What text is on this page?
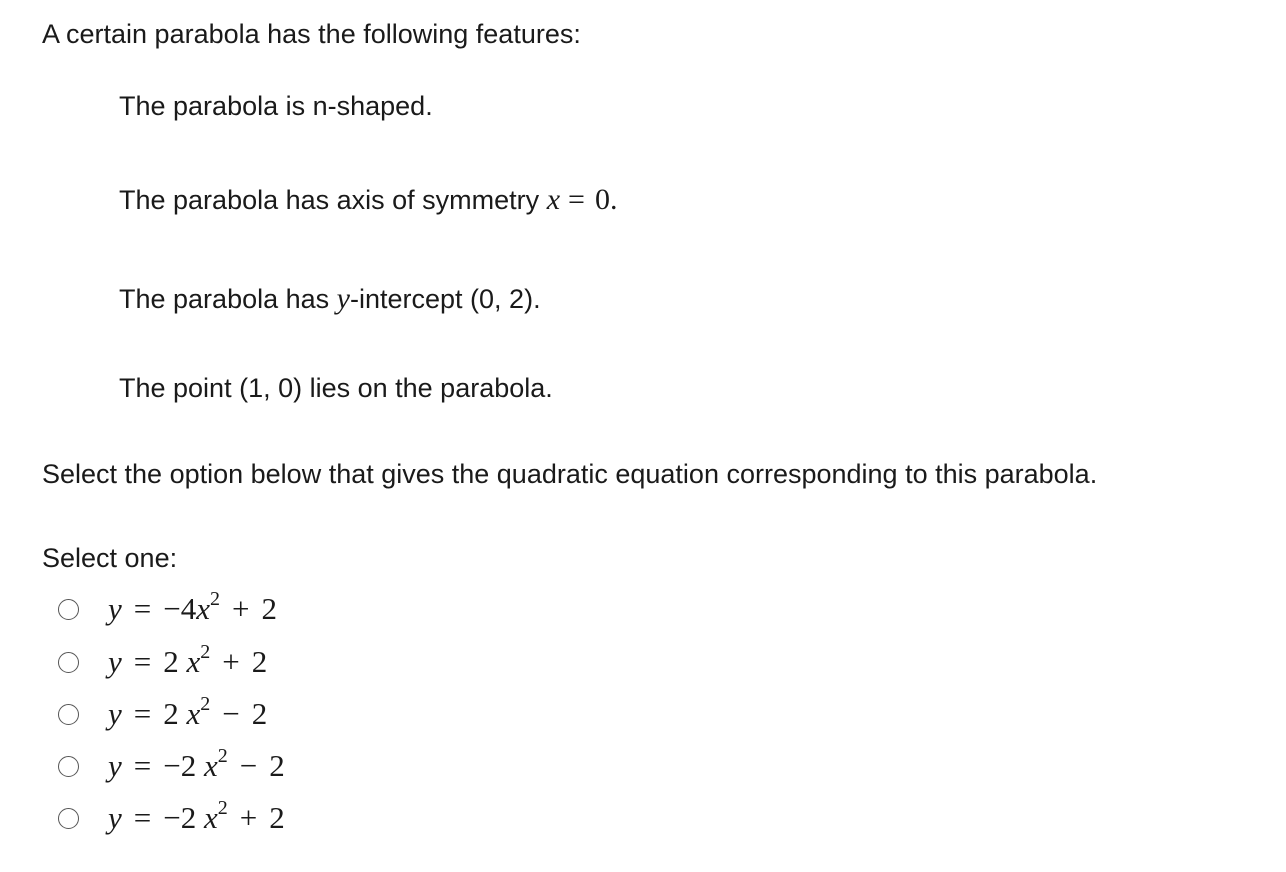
A certain parabola has the following features:
The parabola is n-shaped.
The parabola has axis of symmetry x = 0.
The parabola has y-intercept (0, 2).
The point (1, 0) lies on the parabola.
Select the option below that gives the quadratic equation corresponding to this parabola.
Select one:
$y = -4x^2 + 2$
y = 2 $x^2 + 2$
y = 2 $x^2 - 2$
y = −2 $x^2 - 2$
y = −2 $x^2 + 2$
